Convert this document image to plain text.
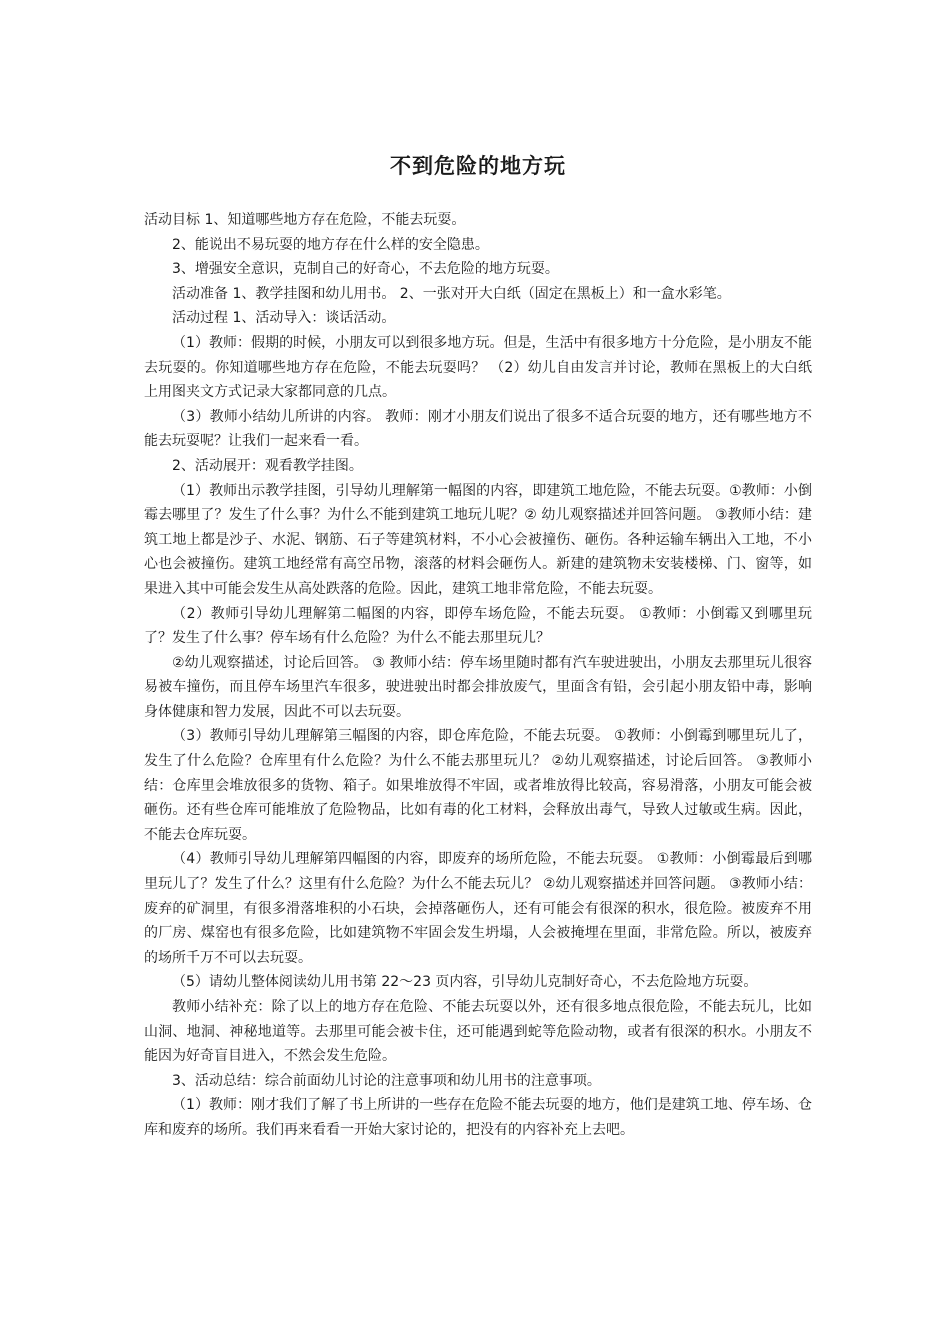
不到危险的地方玩

活动目标 1、知道哪些地方存在危险，不能去玩耍。

2、能说出不易玩耍的地方存在什么样的安全隐患。

3、增强安全意识，克制自己的好奇心，不去危险的地方玩耍。

活动准备 1、教学挂图和幼儿用书。 2、一张对开大白纸（固定在黑板上）和一盒水彩笔。

活动过程 1、活动导入：谈话活动。

（1）教师：假期的时候，小朋友可以到很多地方玩。但是，生活中有很多地方十分危险，是小朋友不能去玩耍的。你知道哪些地方存在危险，不能去玩耍吗？ （2）幼儿自由发言并讨论，教师在黑板上的大白纸上用图夹文方式记录大家都同意的几点。

（3）教师小结幼儿所讲的内容。 教师：刚才小朋友们说出了很多不适合玩耍的地方，还有哪些地方不能去玩耍呢？让我们一起来看一看。

2、活动展开：观看教学挂图。

（1）教师出示教学挂图，引导幼儿理解第一幅图的内容，即建筑工地危险，不能去玩耍。①教师：小倒霉去哪里了？发生了什么事？为什么不能到建筑工地玩儿呢？② 幼儿观察描述并回答问题。 ③教师小结：建筑工地上都是沙子、水泥、钢筋、石子等建筑材料，不小心会被撞伤、砸伤。各种运输车辆出入工地，不小心也会被撞伤。建筑工地经常有高空吊物，滚落的材料会砸伤人。新建的建筑物未安装楼梯、门、窗等，如果进入其中可能会发生从高处跌落的危险。因此，建筑工地非常危险，不能去玩耍。

（2）教师引导幼儿理解第二幅图的内容，即停车场危险，不能去玩耍。 ①教师：小倒霉又到哪里玩了？发生了什么事？停车场有什么危险？为什么不能去那里玩儿？

②幼儿观察描述，讨论后回答。 ③ 教师小结：停车场里随时都有汽车驶进驶出，小朋友去那里玩儿很容易被车撞伤，而且停车场里汽车很多，驶进驶出时都会排放废气，里面含有铅，会引起小朋友铅中毒，影响身体健康和智力发展，因此不可以去玩耍。

（3）教师引导幼儿理解第三幅图的内容，即仓库危险，不能去玩耍。 ①教师：小倒霉到哪里玩儿了，发生了什么危险？仓库里有什么危险？为什么不能去那里玩儿？ ②幼儿观察描述，讨论后回答。 ③教师小结：仓库里会堆放很多的货物、箱子。如果堆放得不牢固，或者堆放得比较高，容易滑落，小朋友可能会被砸伤。还有些仓库可能堆放了危险物品，比如有毒的化工材料，会释放出毒气，导致人过敏或生病。因此，不能去仓库玩耍。

（4）教师引导幼儿理解第四幅图的内容，即废弃的场所危险，不能去玩耍。 ①教师：小倒霉最后到哪里玩儿了？发生了什么？这里有什么危险？为什么不能去玩儿？ ②幼儿观察描述并回答问题。 ③教师小结：废弃的矿洞里，有很多滑落堆积的小石块，会掉落砸伤人，还有可能会有很深的积水，很危险。被废弃不用的厂房、煤窑也有很多危险，比如建筑物不牢固会发生坍塌，人会被掩埋在里面，非常危险。所以，被废弃的场所千万不可以去玩耍。

（5）请幼儿整体阅读幼儿用书第 22～23 页内容，引导幼儿克制好奇心，不去危险地方玩耍。

教师小结补充：除了以上的地方存在危险、不能去玩耍以外，还有很多地点很危险，不能去玩儿，比如山洞、地洞、神秘地道等。去那里可能会被卡住，还可能遇到蛇等危险动物，或者有很深的积水。小朋友不能因为好奇盲目进入，不然会发生危险。

3、活动总结：综合前面幼儿讨论的注意事项和幼儿用书的注意事项。

（1）教师：刚才我们了解了书上所讲的一些存在危险不能去玩耍的地方，他们是建筑工地、停车场、仓库和废弃的场所。我们再来看看一开始大家讨论的，把没有的内容补充上去吧。
